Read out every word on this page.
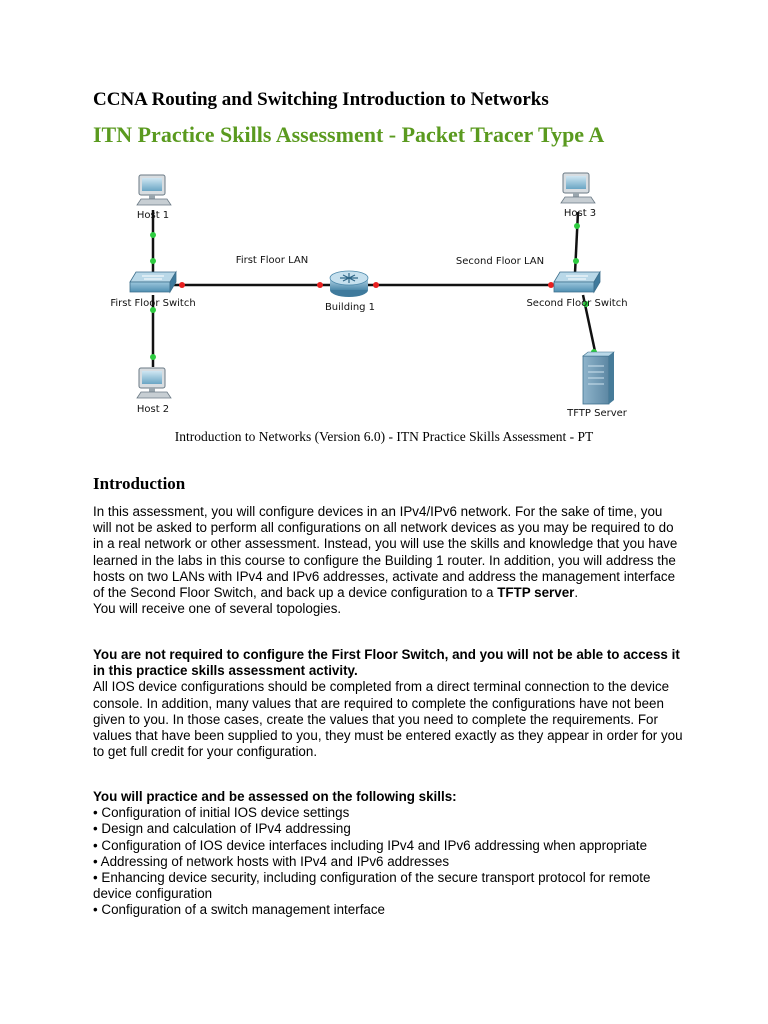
CCNA Routing and Switching Introduction to Networks
ITN Practice Skills Assessment - Packet Tracer Type A
Host 1
Host 2
Host 3
First Floor Switch	Building 1	Second Floor Switch
TFTP Server
First Floor LAN	Second Floor LAN
Introduction to Networks (Version 6.0) - ITN Practice Skills Assessment - PT
Introduction

In this assessment, you will configure devices in an IPv4/IPv6 network. For the sake of time, you will not be asked to perform all configurations on all network devices as you may be required to do in a real network or other assessment. Instead, you will use the skills and knowledge that you have learned in the labs in this course to configure the Building 1 router. In addition, you will address the hosts on two LANs with IPv4 and IPv6 addresses, activate and address the management interface of the Second Floor Switch, and back up a device configuration to a TFTP server.

You will receive one of several topologies.

You are not required to configure the First Floor Switch, and you will not be able to access it in this practice skills assessment activity.

All IOS device configurations should be completed from a direct terminal connection to the device console. In addition, many values that are required to complete the configurations have not been given to you. In those cases, create the values that you need to complete the requirements. For values that have been supplied to you, they must be entered exactly as they appear in order for you to get full credit for your configuration.

You will practice and be assessed on the following skills:

• Configuration of initial IOS device settings
• Design and calculation of IPv4 addressing
• Configuration of IOS device interfaces including IPv4 and IPv6 addressing when appropriate
• Addressing of network hosts with IPv4 and IPv6 addresses
• Enhancing device security, including configuration of the secure transport protocol for remote device configuration
• Configuration of a switch management interface
